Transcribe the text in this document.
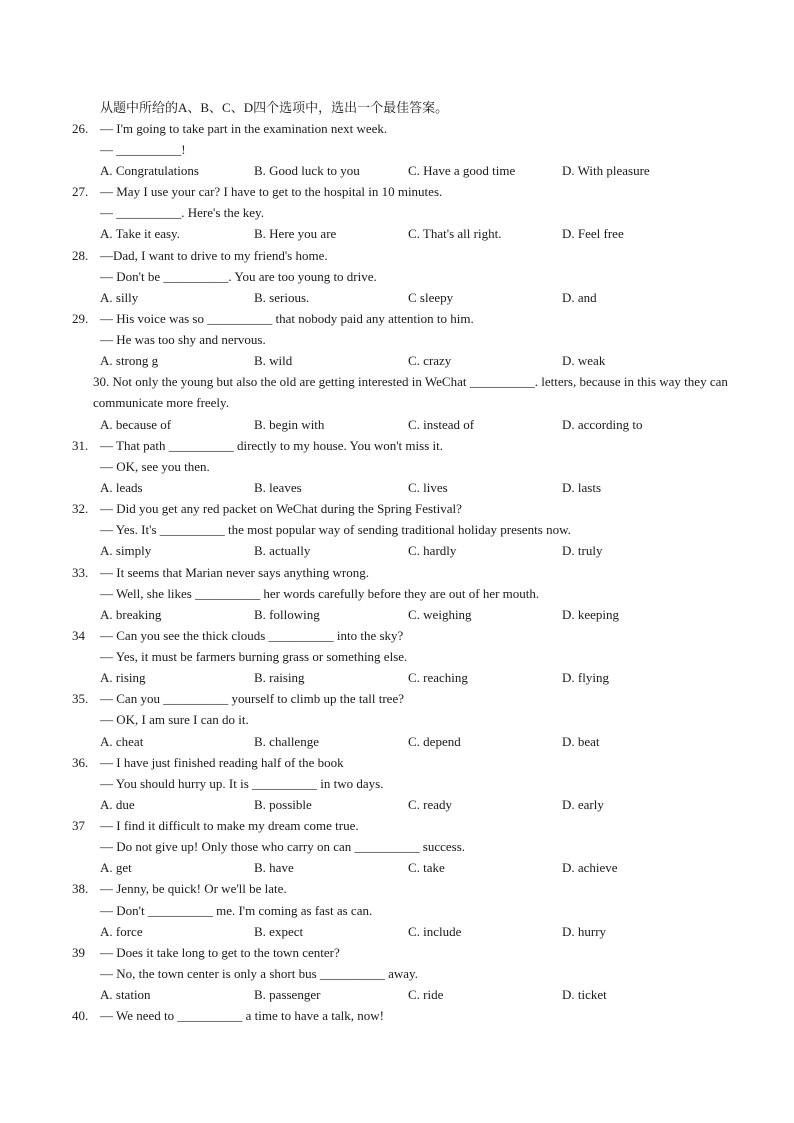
从题中所给的A、B、C、D四个选项中，选出一个最佳答案。
26. — I'm going to take part in the examination next week.
— __________!
A. Congratulations	B. Good luck to you	C. Have a good time	D. With pleasure
27. — May I use your car? I have to get to the hospital in 10 minutes.
— __________. Here's the key.
A. Take it easy.	B. Here you are	C. That's all right.	D. Feel free
28. —Dad, I want to drive to my friend's home.
— Don't be __________. You are too young to drive.
A. silly	B. serious.	C sleepy	D. and
29. — His voice was so __________ that nobody paid any attention to him.
— He was too shy and nervous.
A. strong g	B. wild	C. crazy	D. weak
30. Not only the young but also the old are getting interested in WeChat __________. letters, because in this way they can communicate more freely.
A. because of	B. begin with	C. instead of	D. according to
31. — That path __________ directly to my house. You won't miss it.
— OK, see you then.
A. leads	B. leaves	C. lives	D. lasts
32. — Did you get any red packet on WeChat during the Spring Festival?
— Yes. It's __________ the most popular way of sending traditional holiday presents now.
A. simply	B. actually	C. hardly	D. truly
33. — It seems that Marian never says anything wrong.
— Well, she likes __________ her words carefully before they are out of her mouth.
A. breaking	B. following	C. weighing	D. keeping
34 — Can you see the thick clouds __________ into the sky?
— Yes, it must be farmers burning grass or something else.
A. rising	B. raising	C. reaching	D. flying
35. — Can you __________ yourself to climb up the tall tree?
— OK, I am sure I can do it.
A. cheat	B. challenge	C. depend	D. beat
36. — I have just finished reading half of the book
— You should hurry up. It is __________ in two days.
A. due	B. possible	C. ready	D. early
37 — I find it difficult to make my dream come true.
— Do not give up! Only those who carry on can __________ success.
A. get	B. have	C. take	D. achieve
38. — Jenny, be quick! Or we'll be late.
— Don't __________ me. I'm coming as fast as can.
A. force	B. expect	C. include	D. hurry
39 — Does it take long to get to the town center?
— No, the town center is only a short bus __________ away.
A. station	B. passenger	C. ride	D. ticket
40. — We need to __________ a time to have a talk, now!
